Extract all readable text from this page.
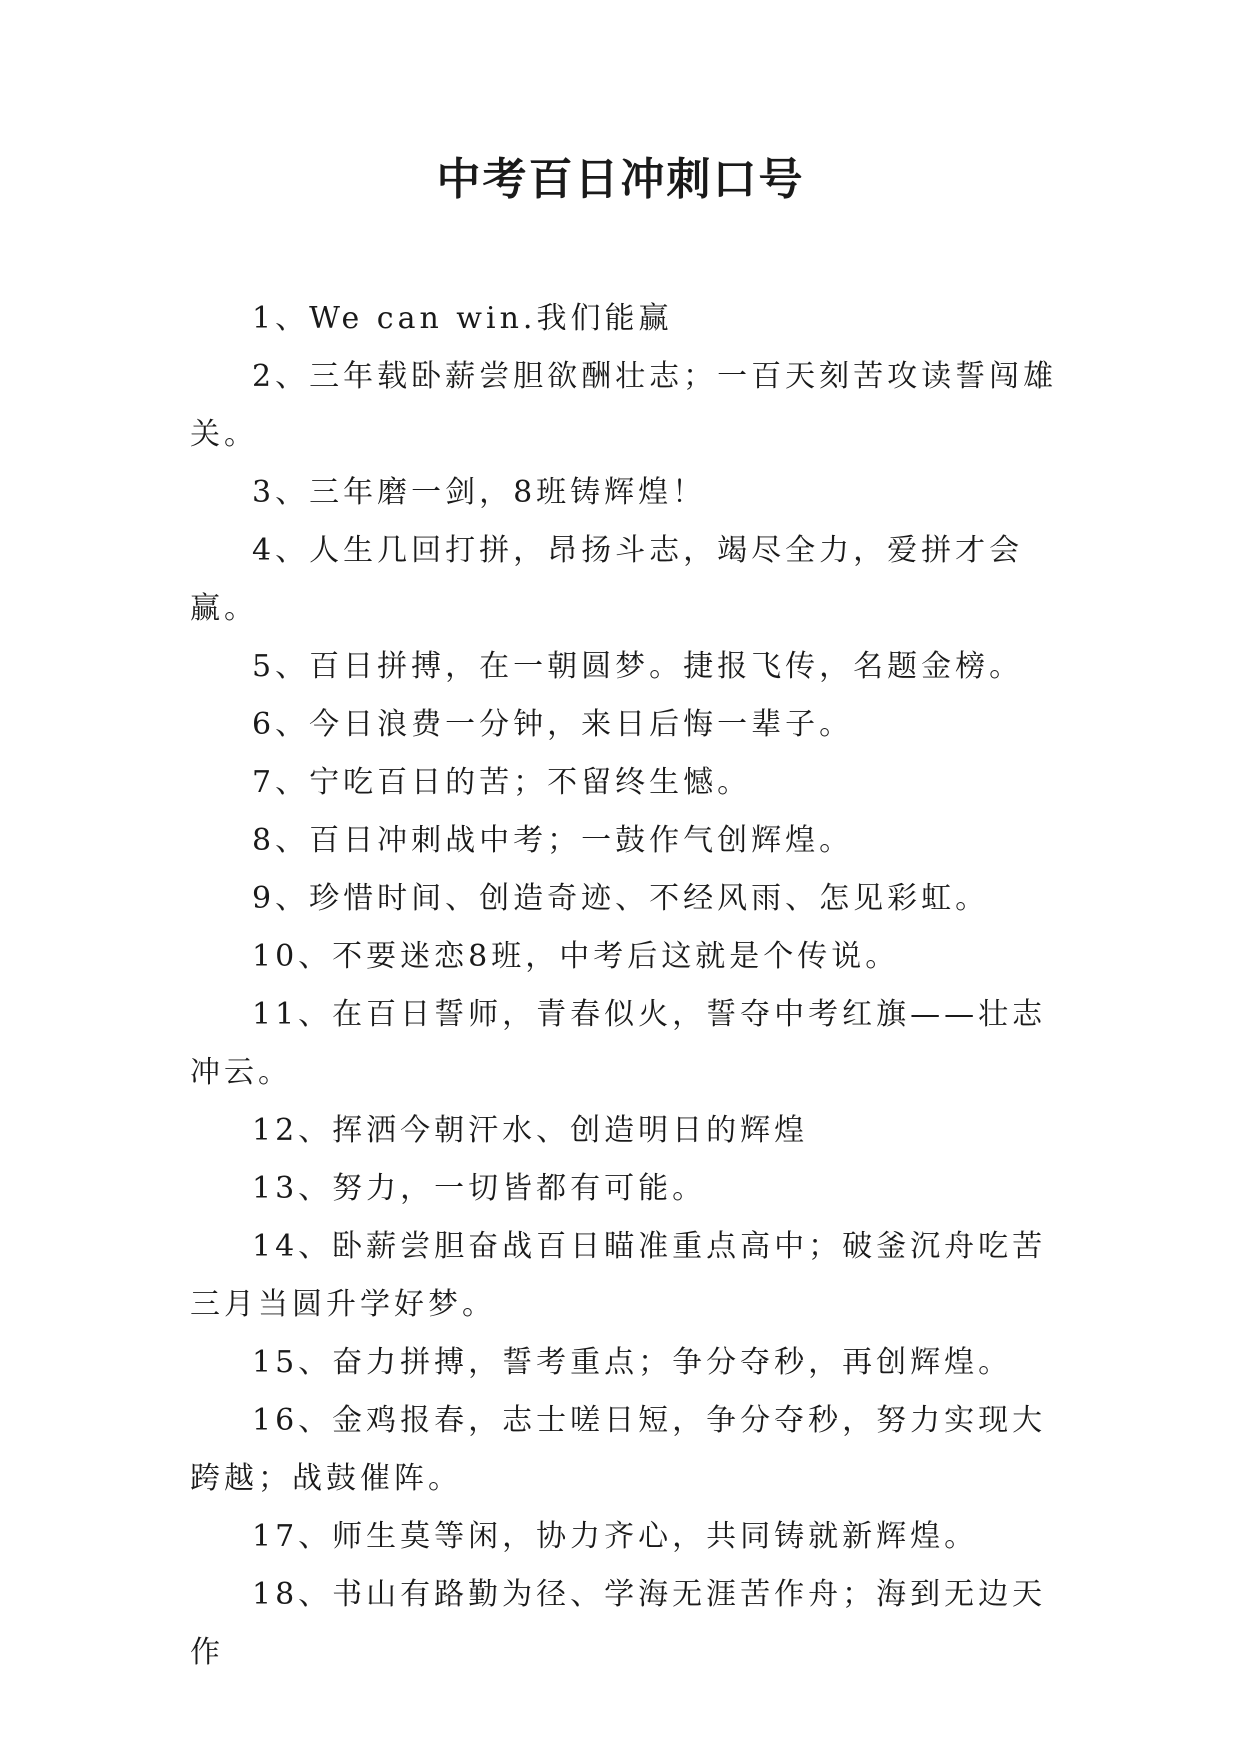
中考百日冲刺口号

1、We can win.我们能赢

2、三年载卧薪尝胆欲酬壮志；一百天刻苦攻读誓闯雄关。

3、三年磨一剑，8班铸辉煌！

4、人生几回打拼，昂扬斗志，竭尽全力，爱拼才会赢。

5、百日拼搏，在一朝圆梦。捷报飞传，名题金榜。

6、今日浪费一分钟，来日后悔一辈子。

7、宁吃百日的苦；不留终生憾。

8、百日冲刺战中考；一鼓作气创辉煌。

9、珍惜时间、创造奇迹、不经风雨、怎见彩虹。

10、不要迷恋8班，中考后这就是个传说。

11、在百日誓师，青春似火，誓夺中考红旗——壮志冲云。

12、挥洒今朝汗水、创造明日的辉煌

13、努力，一切皆都有可能。

14、卧薪尝胆奋战百日瞄准重点高中；破釜沉舟吃苦三月当圆升学好梦。

15、奋力拼搏，誓考重点；争分夺秒，再创辉煌。

16、金鸡报春，志士嗟日短，争分夺秒，努力实现大跨越；战鼓催阵。

17、师生莫等闲，协力齐心，共同铸就新辉煌。

18、书山有路勤为径、学海无涯苦作舟；海到无边天作
